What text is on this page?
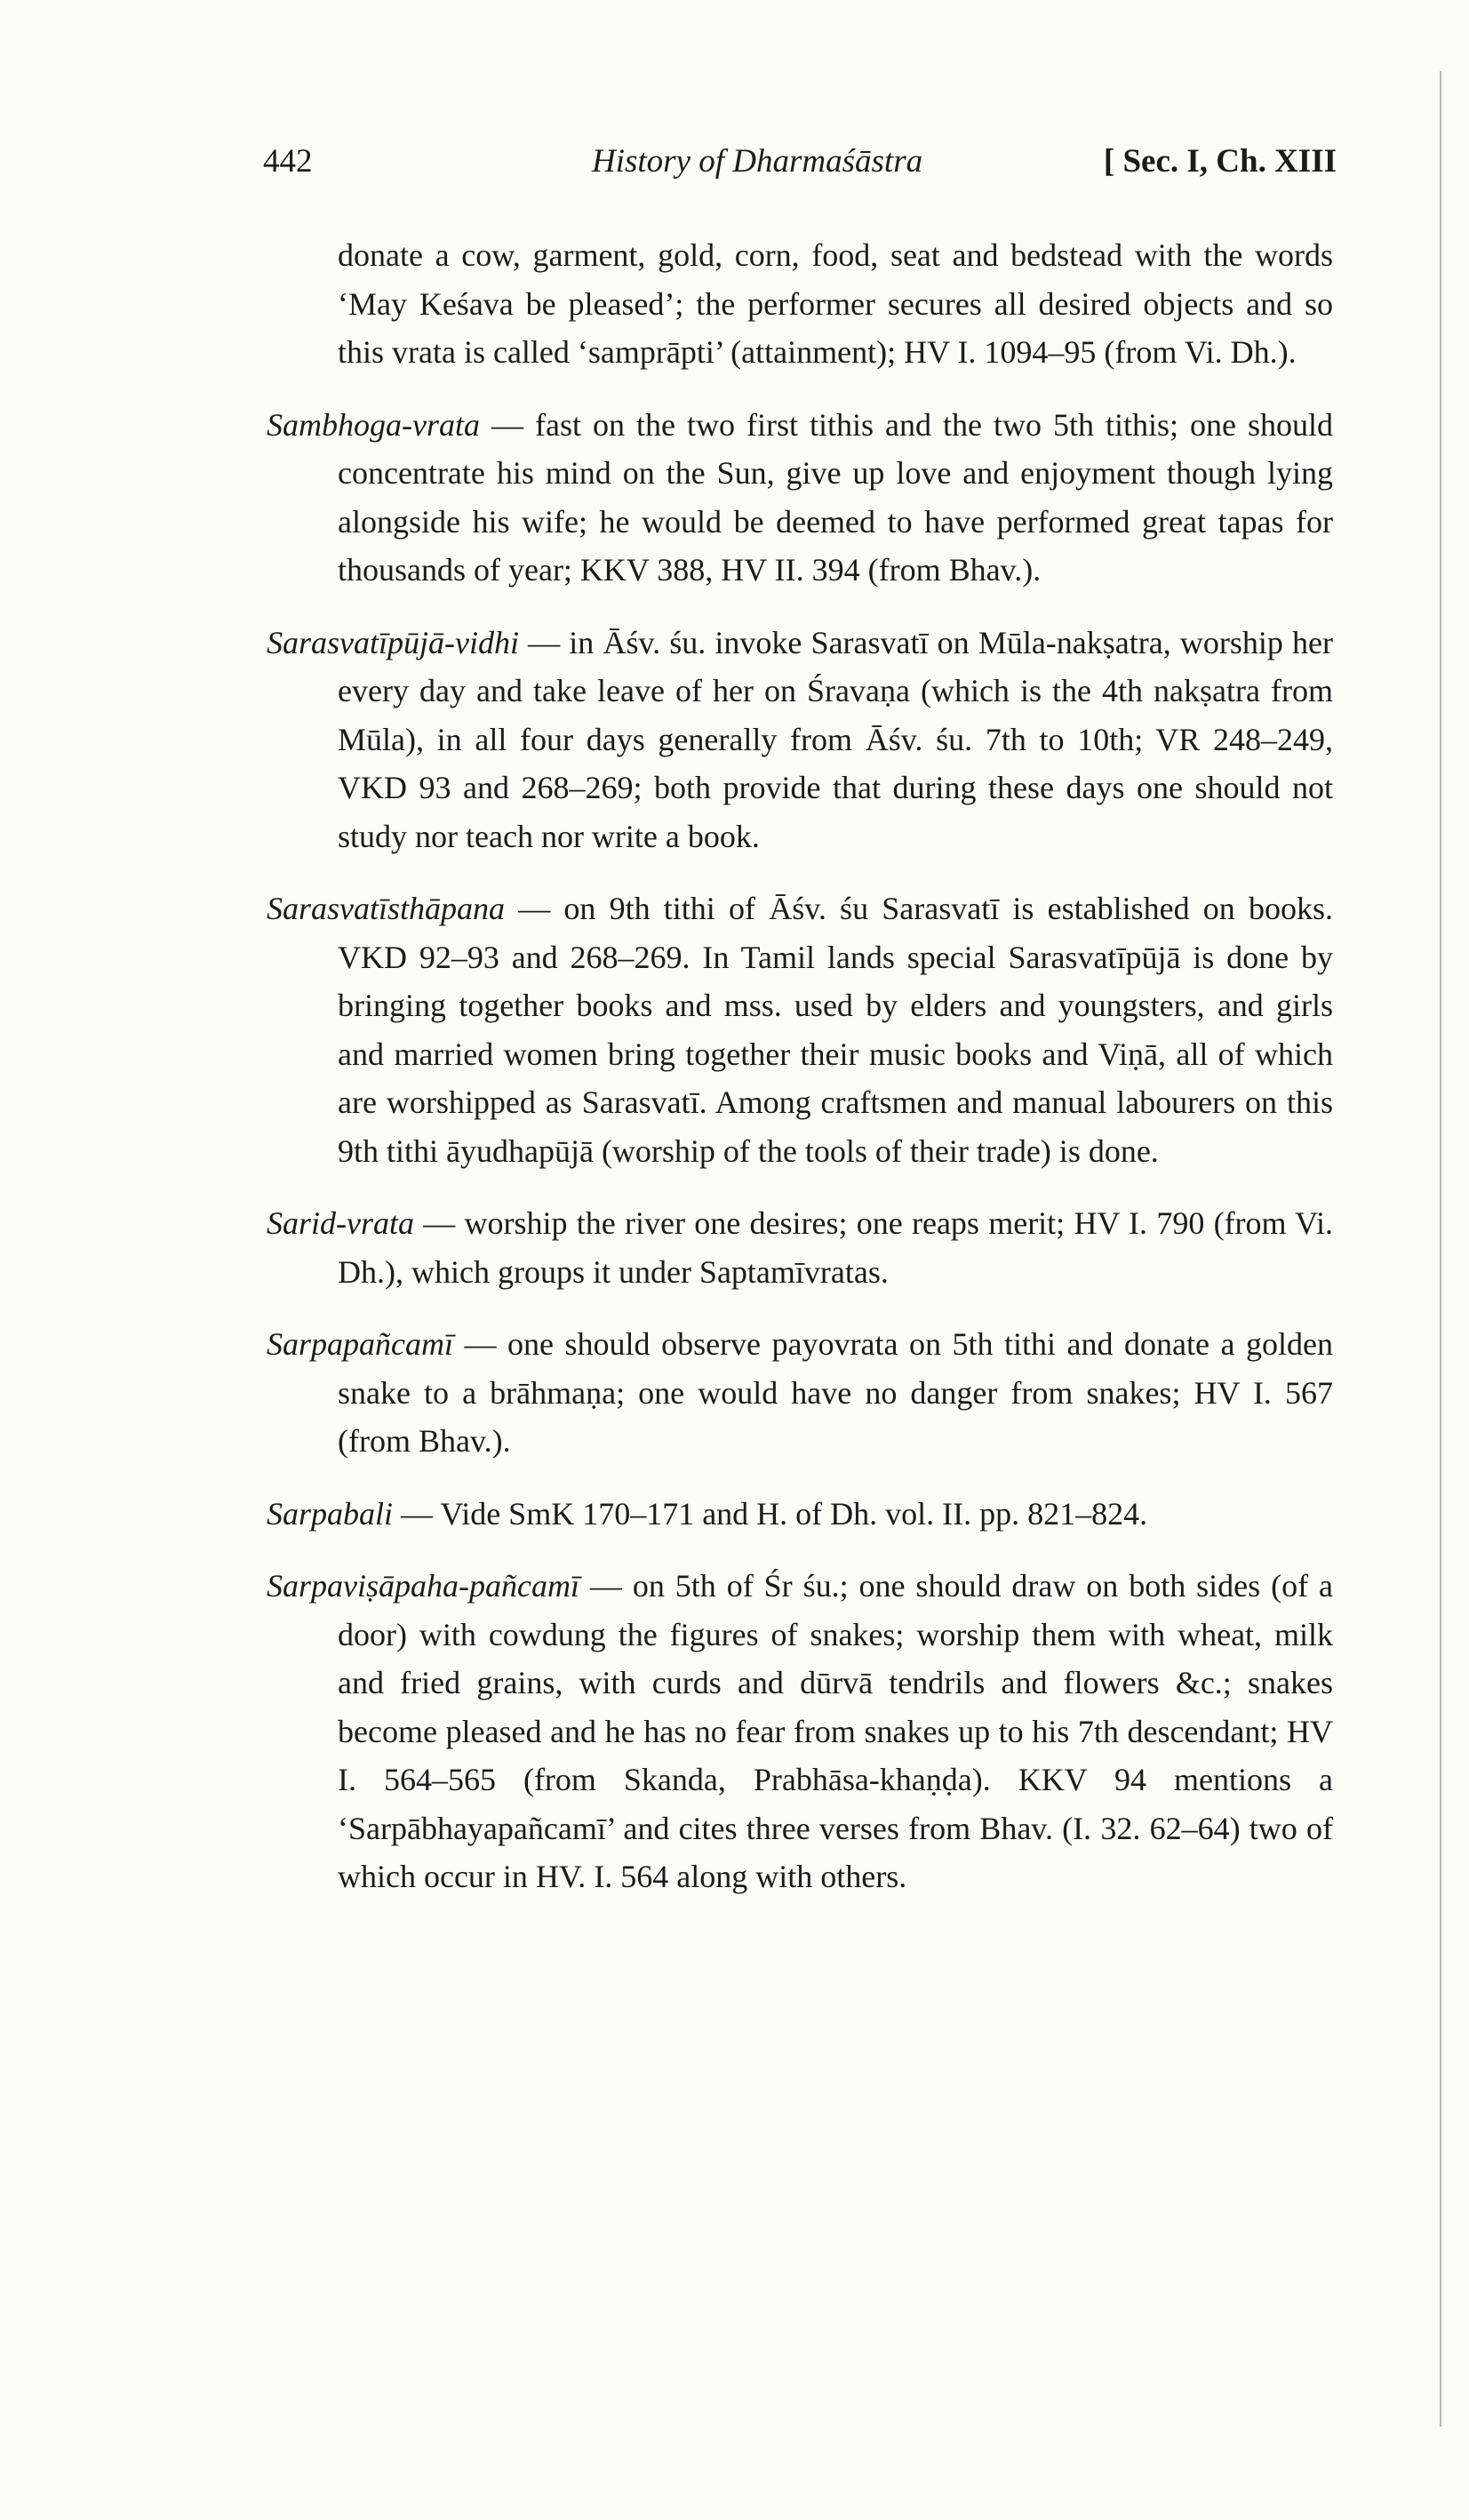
442	History of Dharmaśāstra	[ Sec. I, Ch. XIII

donate a cow, garment, gold, corn, food, seat and bedstead with the words ‘May Keśava be pleased’; the performer secures all desired objects and so this vrata is called ‘samprāpti’ (attainment); HV I. 1094–95 (from Vi. Dh.).

Sambhoga-vrata — fast on the two first tithis and the two 5th tithis; one should concentrate his mind on the Sun, give up love and enjoyment though lying alongside his wife; he would be deemed to have performed great tapas for thousands of year; KKV 388, HV II. 394 (from Bhav.).

Sarasvatīpūjā-vidhi — in Āśv. śu. invoke Sarasvatī on Mūla-nakṣatra, worship her every day and take leave of her on Śravaṇa (which is the 4th nakṣatra from Mūla), in all four days generally from Āśv. śu. 7th to 10th; VR 248–249, VKD 93 and 268–269; both provide that during these days one should not study nor teach nor write a book.

Sarasvatīsthāpana — on 9th tithi of Āśv. śu Sarasvatī is established on books. VKD 92–93 and 268–269. In Tamil lands special Sarasvatīpūjā is done by bringing together books and mss. used by elders and youngsters, and girls and married women bring together their music books and Viṇā, all of which are worshipped as Sarasvatī. Among craftsmen and manual labourers on this 9th tithi āyudhapūjā (worship of the tools of their trade) is done.

Sarid-vrata — worship the river one desires; one reaps merit; HV I. 790 (from Vi. Dh.), which groups it under Saptamīvratas.

Sarpapañcamī — one should observe payovrata on 5th tithi and donate a golden snake to a brāhmaṇa; one would have no danger from snakes; HV I. 567 (from Bhav.).

Sarpabali — Vide SmK 170–171 and H. of Dh. vol. II. pp. 821–824.

Sarpaviṣāpaha-pañcamī — on 5th of Śr śu.; one should draw on both sides (of a door) with cowdung the figures of snakes; worship them with wheat, milk and fried grains, with curds and dūrvā tendrils and flowers &c.; snakes become pleased and he has no fear from snakes up to his 7th descendant; HV I. 564–565 (from Skanda, Prabhāsa-khaṇḍa). KKV 94 mentions a ‘Sarpābhayapañcamī’ and cites three verses from Bhav. (I. 32. 62–64) two of which occur in HV. I. 564 along with others.
